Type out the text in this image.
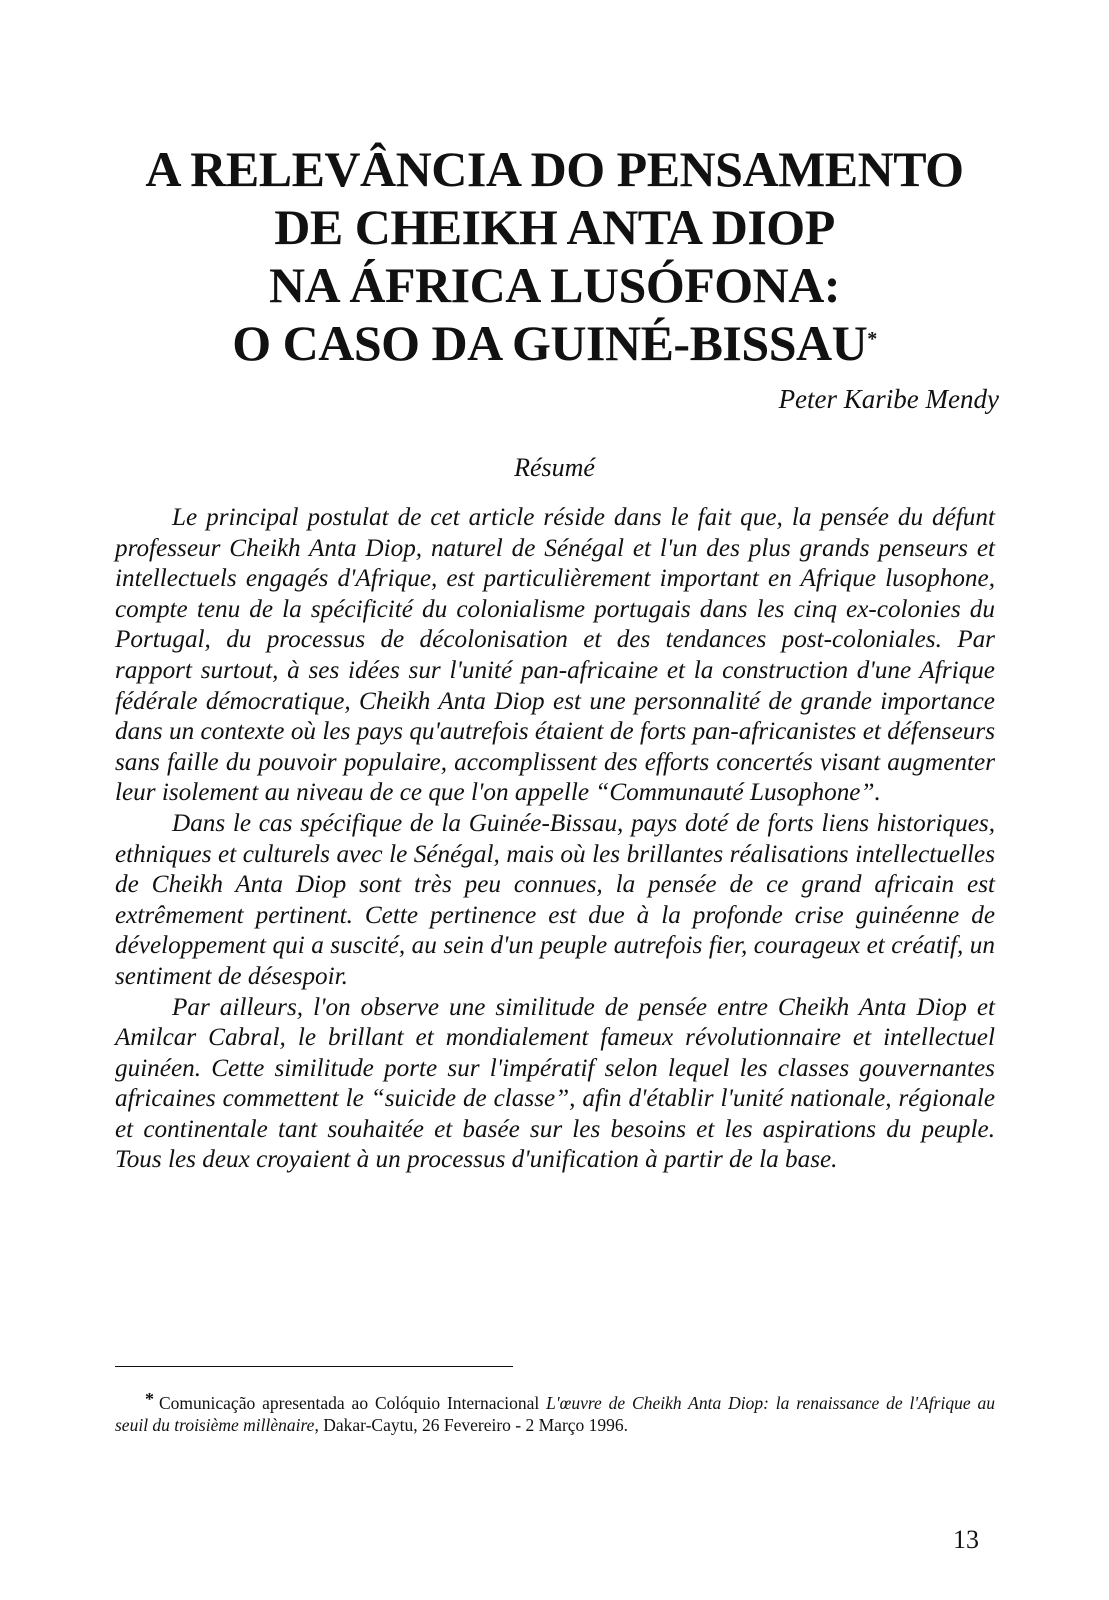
A RELEVÂNCIA DO PENSAMENTO
DE CHEIKH ANTA DIOP
NA ÁFRICA LUSÓFONA:
O CASO DA GUINÉ-BISSAU*
Peter Karibe Mendy
Résumé

Le principal postulat de cet article réside dans le fait que, la pensée du défunt professeur Cheikh Anta Diop, naturel de Sénégal et l'un des plus grands penseurs et intellectuels engagés d'Afrique, est particulièrement important en Afrique lusophone, compte tenu de la spécificité du colonialisme portugais dans les cinq ex-colonies du Portugal, du processus de décolonisation et des tendances post-coloniales. Par rapport surtout, à ses idées sur l'unité pan-africaine et la construction d'une Afrique fédérale démocratique, Cheikh Anta Diop est une personnalité de grande importance dans un contexte où les pays qu'autrefois étaient de forts pan-africanistes et défenseurs sans faille du pouvoir populaire, accomplissent des efforts concertés visant augmenter leur isolement au niveau de ce que l'on appelle “Communauté Lusophone”.

Dans le cas spécifique de la Guinée-Bissau, pays doté de forts liens historiques, ethniques et culturels avec le Sénégal, mais où les brillantes réalisations intellectuelles de Cheikh Anta Diop sont très peu connues, la pensée de ce grand africain est extrêmement pertinent. Cette pertinence est due à la profonde crise guinéenne de développement qui a suscité, au sein d'un peuple autrefois fier, courageux et créatif, un sentiment de désespoir.

Par ailleurs, l'on observe une similitude de pensée entre Cheikh Anta Diop et Amilcar Cabral, le brillant et mondialement fameux révolutionnaire et intellectuel guinéen. Cette similitude porte sur l'impératif selon lequel les classes gouvernantes africaines commettent le “suicide de classe”, afin d'établir l'unité nationale, régionale et continentale tant souhaitée et basée sur les besoins et les aspirations du peuple. Tous les deux croyaient à un processus d'unification à partir de la base.

* Comunicação apresentada ao Colóquio Internacional L'œuvre de Cheikh Anta Diop: la renaissance de l'Afrique au seuil du troisième millènaire, Dakar-Caytu, 26 Fevereiro - 2 Março 1996.
13
